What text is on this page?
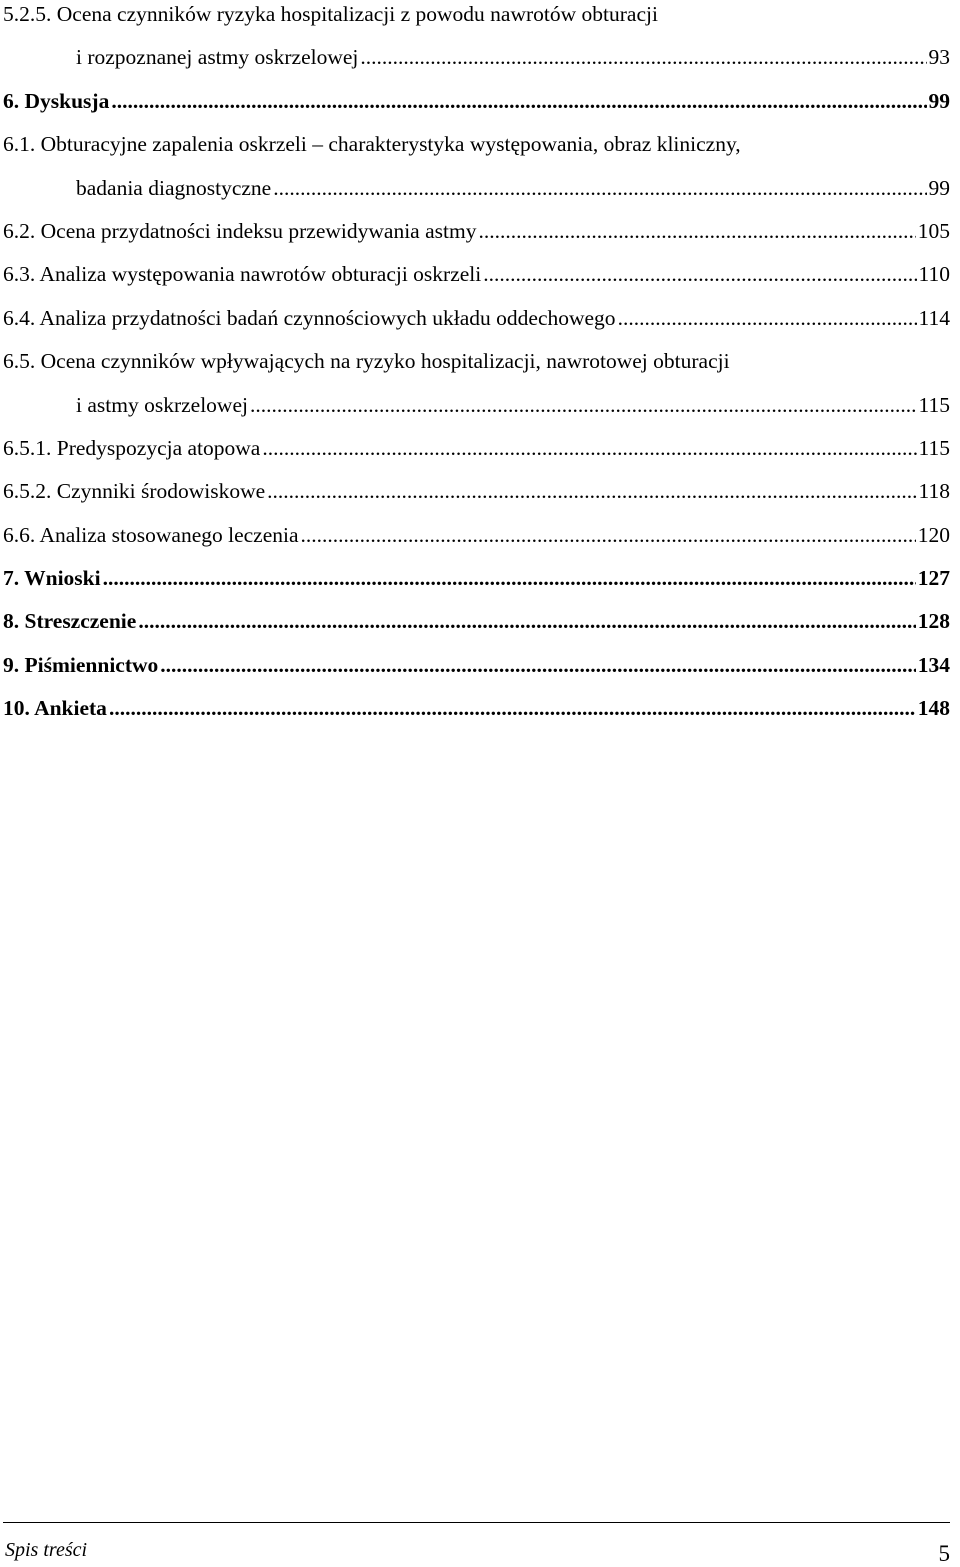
5.2.5. Ocena czynników ryzyka hospitalizacji z powodu nawrotów obturacji
i rozpoznanej astmy oskrzelowej .....	93
6. Dyskusja .....	99
6.1. Obturacyjne zapalenia oskrzeli – charakterystyka występowania, obraz kliniczny,
badania diagnostyczne .....	99
6.2. Ocena przydatności indeksu przewidywania astmy .....	105
6.3. Analiza występowania nawrotów obturacji oskrzeli .....	110
6.4. Analiza przydatności badań czynnościowych układu oddechowego .....	114
6.5. Ocena czynników wpływających na ryzyko hospitalizacji, nawrotowej obturacji
i astmy oskrzelowej .....	115
6.5.1. Predyspozycja atopowa .....	115
6.5.2. Czynniki środowiskowe .....	118
6.6. Analiza stosowanego leczenia .....	120
7. Wnioski .....	127
8. Streszczenie .....	128
9. Piśmiennictwo .....	134
10. Ankieta .....	148
Spis treści	5
